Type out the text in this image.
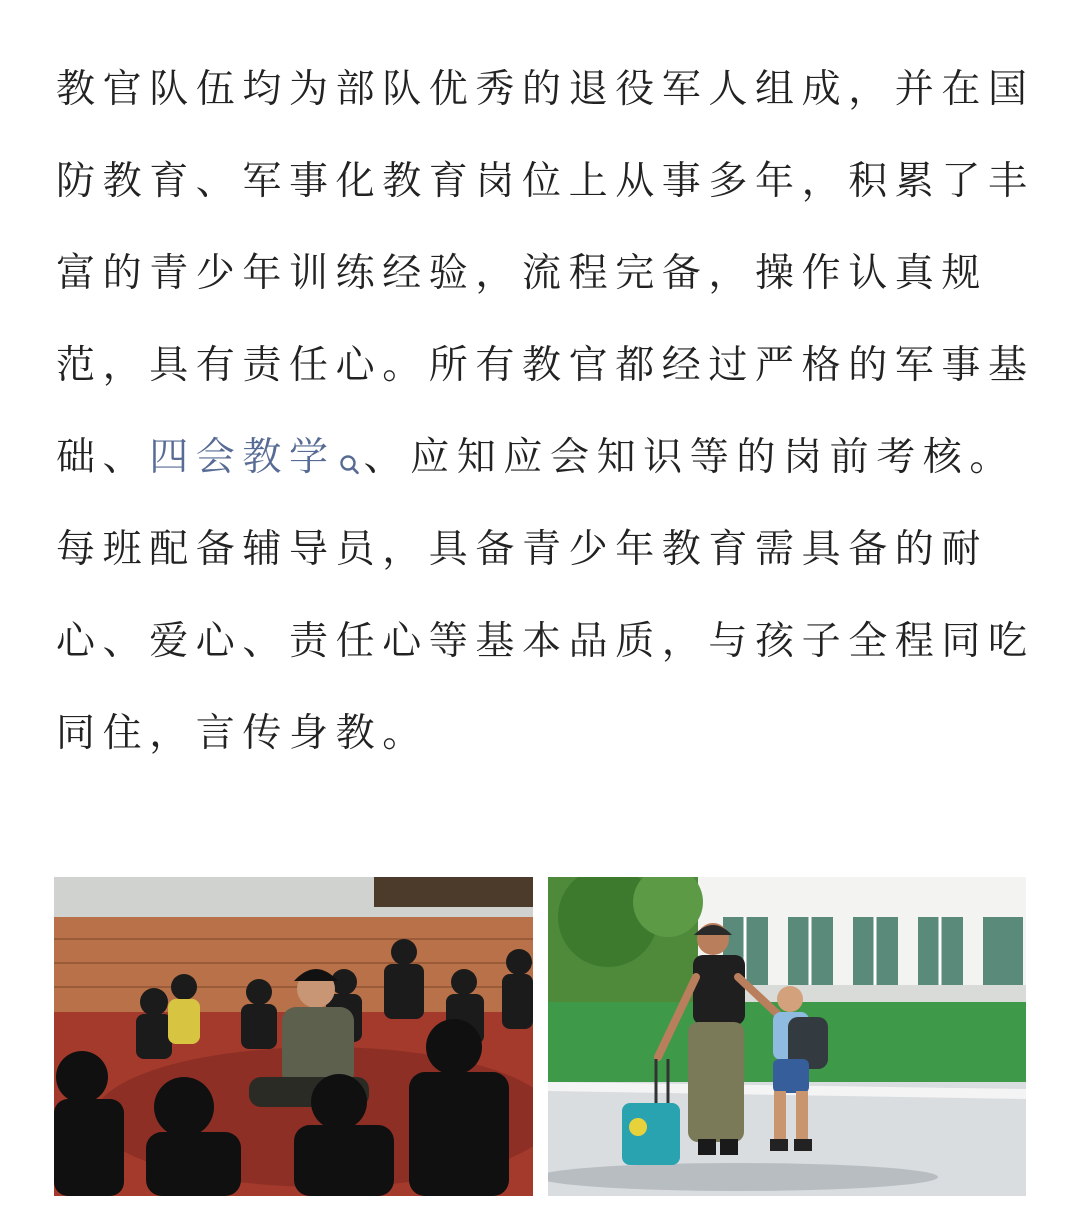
教官队伍均为部队优秀的退役军人组成，并在国
防教育、军事化教育岗位上从事多年，积累了丰
富的青少年训练经验，流程完备，操作认真规
范，具有责任心。所有教官都经过严格的军事基
础、四会教学 、应知应会知识等的岗前考核。
每班配备辅导员，具备青少年教育需具备的耐
心、爱心、责任心等基本品质，与孩子全程同吃
同住，言传身教。
